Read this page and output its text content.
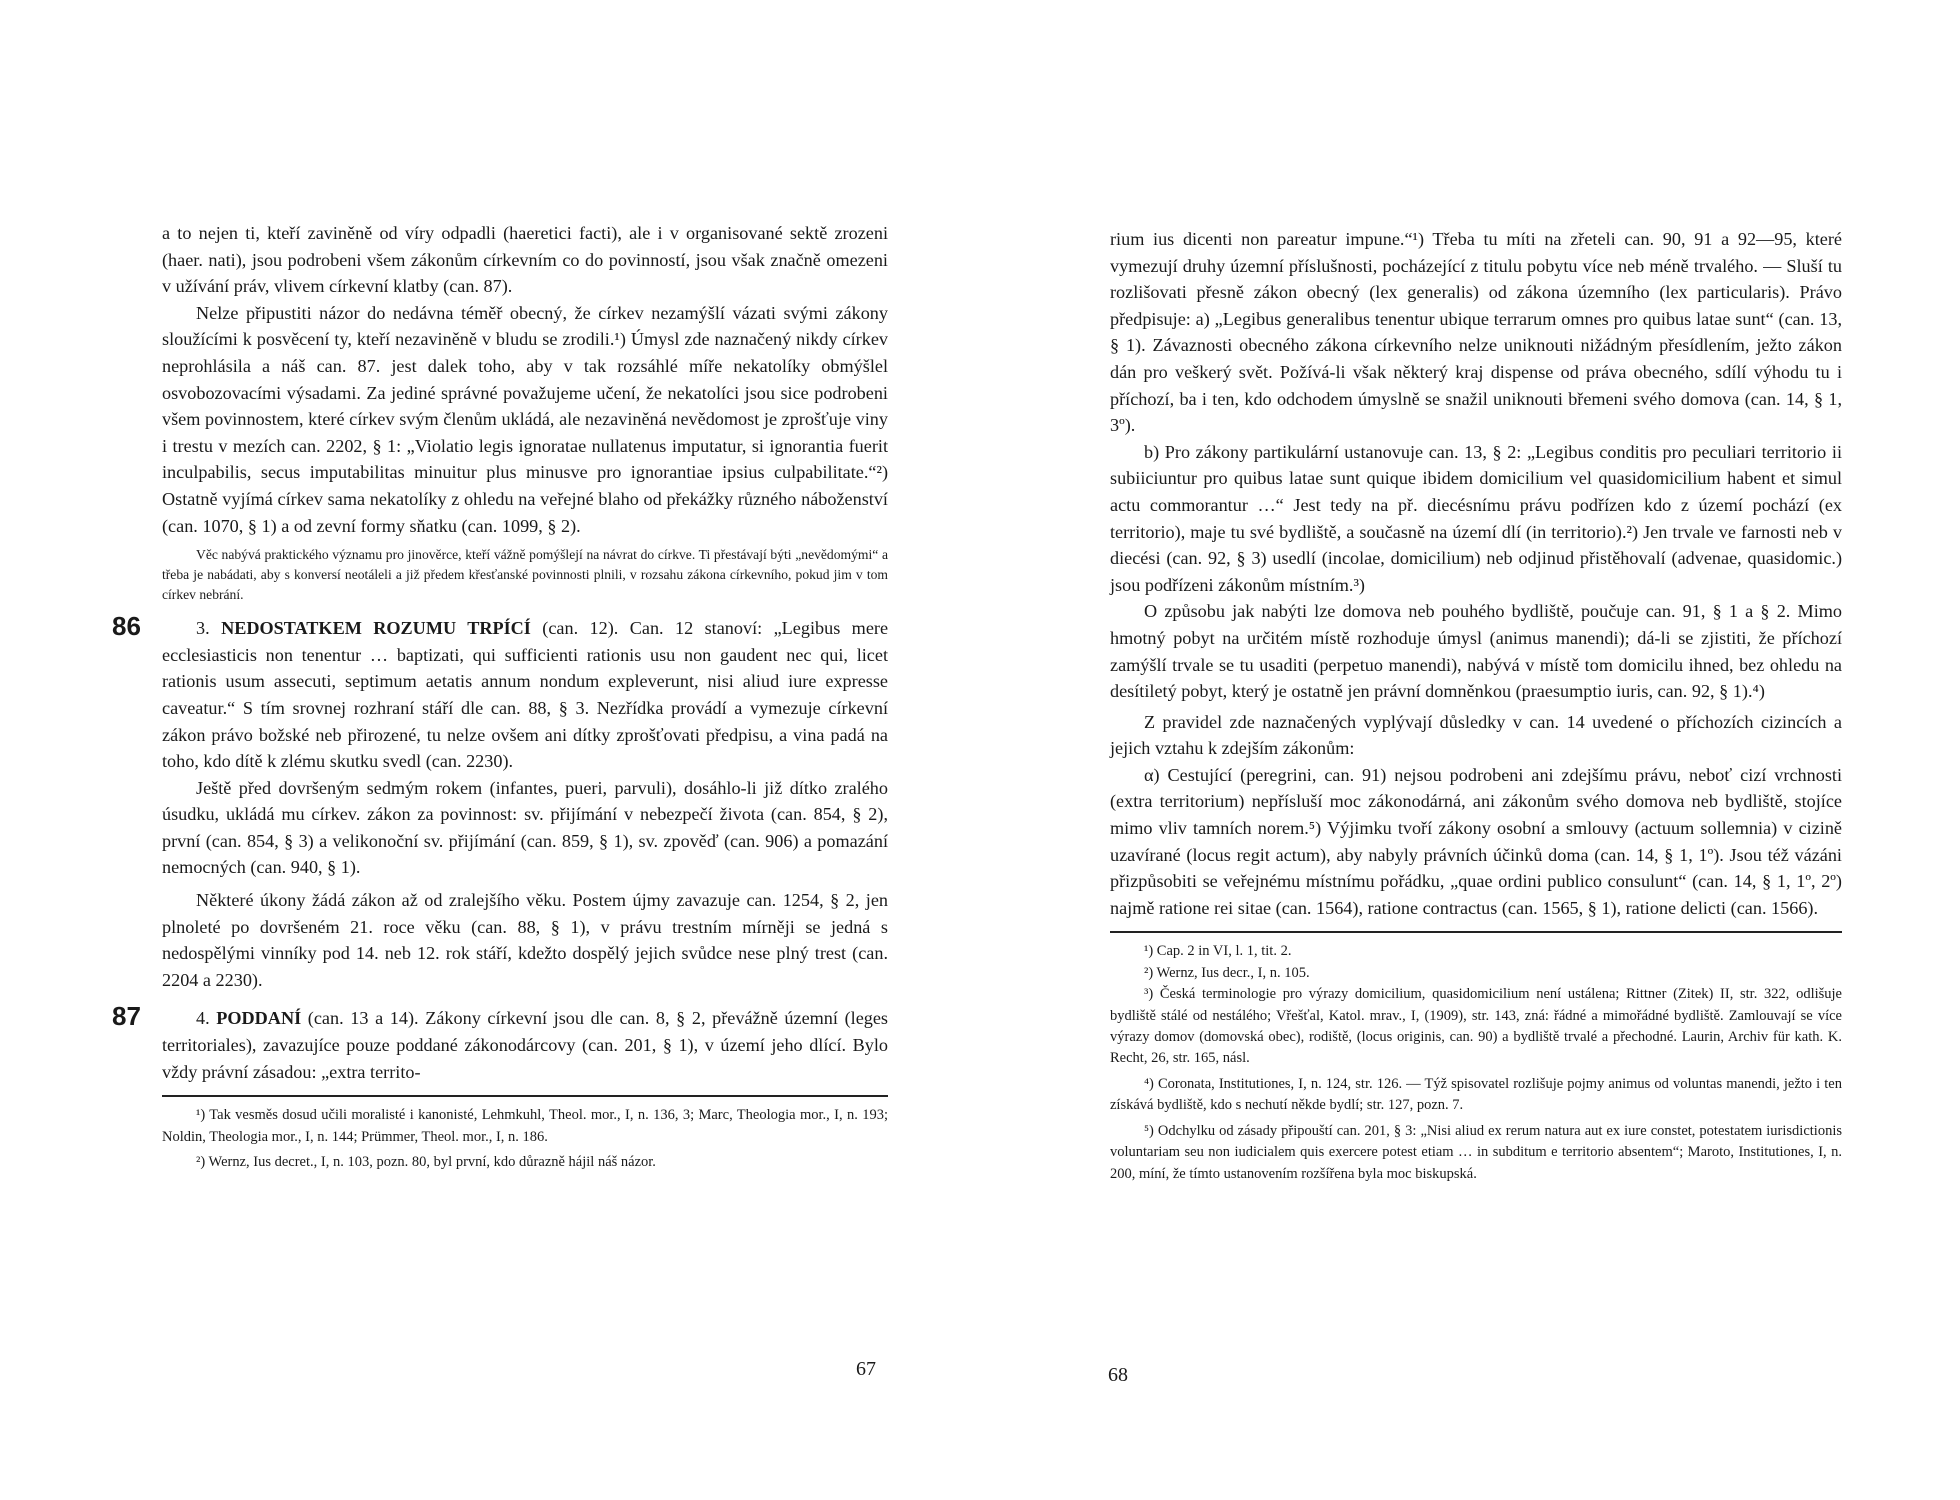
a to nejen ti, kteří zaviněně od víry odpadli (haeretici facti), ale i v organisované sektě zrozeni (haer. nati), jsou podrobeni všem zákonům církevním co do povinností, jsou však značně omezeni v užívání práv, vlivem církevní klatby (can. 87).

Nelze připustiti názor do nedávna téměř obecný, že církev nezamýšlí vázati svými zákony sloužícími k posvěcení ty, kteří nezaviněně v bludu se zrodili.¹) Úmysl zde naznačený nikdy církev neprohlásila a náš can. 87. jest dalek toho, aby v tak rozsáhlé míře nekatolíky obmýšlel osvobozovacími výsadami. Za jediné správné považujeme učení, že nekatolíci jsou sice podrobeni všem povinnostem, které církev svým členům ukládá, ale nezaviněná nevědomost je zprošťuje viny i trestu v mezích can. 2202, § 1: „Violatio legis ignoratae nullatenus imputatur, si ignorantia fuerit inculpabilis, secus imputabilitas minuitur plus minusve pro ignorantiae ipsius culpabilitate.“²) Ostatně vyjímá církev sama nekatolíky z ohledu na veřejné blaho od překážky různého náboženství (can. 1070, § 1) a od zevní formy sňatku (can. 1099, § 2).

Věc nabývá praktického významu pro jinověrce, kteří vážně pomýšlejí na návrat do církve. Ti přestávají býti „nevědomými“ a třeba je nabádati, aby s konversí neotáleli a již předem křesťanské povinnosti plnili, v rozsahu zákona církevního, pokud jim v tom církev nebrání.

86	3. NEDOSTATKEM ROZUMU TRPÍCÍ (can. 12). Can. 12 stanoví: „Legibus mere ecclesiasticis non tenentur … baptizati, qui sufficienti rationis usu non gaudent nec qui, licet rationis usum assecuti, septimum aetatis annum nondum expleverunt, nisi aliud iure expresse caveatur.“ S tím srovnej rozhraní stáří dle can. 88, § 3. Nezřídka provádí a vymezuje církevní zákon právo božské neb přirozené, tu nelze ovšem ani dítky zprošťovati předpisu, a vina padá na toho, kdo dítě k zlému skutku svedl (can. 2230).

Ještě před dovršeným sedmým rokem (infantes, pueri, parvuli), dosáhlo-li již dítko zralého úsudku, ukládá mu církev. zákon za povinnost: sv. přijímání v nebezpečí života (can. 854, § 2), první (can. 854, § 3) a velikonoční sv. přijímání (can. 859, § 1), sv. zpověď (can. 906) a pomazání nemocných (can. 940, § 1).

Některé úkony žádá zákon až od zralejšího věku. Postem újmy zavazuje can. 1254, § 2, jen plnoleté po dovršeném 21. roce věku (can. 88, § 1), v právu trestním mírněji se jedná s nedospělými vinníky pod 14. neb 12. rok stáří, kdežto dospělý jejich svůdce nese plný trest (can. 2204 a 2230).

87	4. PODDANÍ (can. 13 a 14). Zákony církevní jsou dle can. 8, § 2, převážně územní (leges territoriales), zavazujíce pouze poddané zákonodárcovy (can. 201, § 1), v území jeho dlící. Bylo vždy právní zásadou: „extra territo-

¹) Tak vesměs dosud učili moralisté i kanonisté, Lehmkuhl, Theol. mor., I, n. 136, 3; Marc, Theologia mor., I, n. 193; Noldin, Theologia mor., I, n. 144; Prümmer, Theol. mor., I, n. 186.

²) Wernz, Ius decret., I, n. 103, pozn. 80, byl první, kdo důrazně hájil náš názor.

67

rium ius dicenti non pareatur impune.“¹) Třeba tu míti na zřeteli can. 90, 91 a 92—95, které vymezují druhy územní příslušnosti, pocházející z titulu pobytu více neb méně trvalého. — Sluší tu rozlišovati přesně zákon obecný (lex generalis) od zákona územního (lex particularis). Právo předpisuje: a) „Legibus generalibus tenentur ubique terrarum omnes pro quibus latae sunt“ (can. 13, § 1). Závaznosti obecného zákona církevního nelze uniknouti nižádným přesídlením, ježto zákon dán pro veškerý svět. Požívá-li však některý kraj dispense od práva obecného, sdílí výhodu tu i příchozí, ba i ten, kdo odchodem úmyslně se snažil uniknouti břemeni svého domova (can. 14, § 1, 3º).

b) Pro zákony partikulární ustanovuje can. 13, § 2: „Legibus conditis pro peculiari territorio ii subiiciuntur pro quibus latae sunt quique ibidem domicilium vel quasidomicilium habent et simul actu commorantur …“ Jest tedy na př. diecésnímu právu podřízen kdo z území pochází (ex territorio), maje tu své bydliště, a současně na území dlí (in territorio).²) Jen trvale ve farnosti neb v diecési (can. 92, § 3) usedlí (incolae, domicilium) neb odjinud přistěhovalí (advenae, quasidomic.) jsou podřízeni zákonům místním.³)

O způsobu jak nabýti lze domova neb pouhého bydliště, poučuje can. 91, § 1 a § 2. Mimo hmotný pobyt na určitém místě rozhoduje úmysl (animus manendi); dá-li se zjistiti, že příchozí zamýšlí trvale se tu usaditi (perpetuo manendi), nabývá v místě tom domicilu ihned, bez ohledu na desítiletý pobyt, který je ostatně jen právní domněnkou (praesumptio iuris, can. 92, § 1).⁴)

Z pravidel zde naznačených vyplývají důsledky v can. 14 uvedené o příchozích cizincích a jejich vztahu k zdejším zákonům:

α) Cestující (peregrini, can. 91) nejsou podrobeni ani zdejšímu právu, neboť cizí vrchnosti (extra territorium) nepřísluší moc zákonodárná, ani zákonům svého domova neb bydliště, stojíce mimo vliv tamních norem.⁵) Výjimku tvoří zákony osobní a smlouvy (actuum sollemnia) v cizině uzavírané (locus regit actum), aby nabyly právních účinků doma (can. 14, § 1, 1º). Jsou též vázáni přizpůsobiti se veřejnému místnímu pořádku, „quae ordini publico consulunt“ (can. 14, § 1, 1º, 2º) najmě ratione rei sitae (can. 1564), ratione contractus (can. 1565, § 1), ratione delicti (can. 1566).

¹) Cap. 2 in VI, l. 1, tit. 2.

²) Wernz, Ius decr., I, n. 105.

³) Česká terminologie pro výrazy domicilium, quasidomicilium není ustálena; Rittner (Zitek) II, str. 322, odlišuje bydliště stálé od nestálého; Vřešťal, Katol. mrav., I, (1909), str. 143, zná: řádné a mimořádné bydliště. Zamlouvají se více výrazy domov (domovská obec), rodiště, (locus originis, can. 90) a bydliště trvalé a přechodné. Laurin, Archiv für kath. K. Recht, 26, str. 165, násl.

⁴) Coronata, Institutiones, I, n. 124, str. 126. — Týž spisovatel rozlišuje pojmy animus od voluntas manendi, ježto i ten získává bydliště, kdo s nechutí někde bydlí; str. 127, pozn. 7.

⁵) Odchylku od zásady připouští can. 201, § 3: „Nisi aliud ex rerum natura aut ex iure constet, potestatem iurisdictionis voluntariam seu non iudicialem quis exercere potest etiam … in subditum e territorio absentem“; Maroto, Institutiones, I, n. 200, míní, že tímto ustanovením rozšířena byla moc biskupská.

68
